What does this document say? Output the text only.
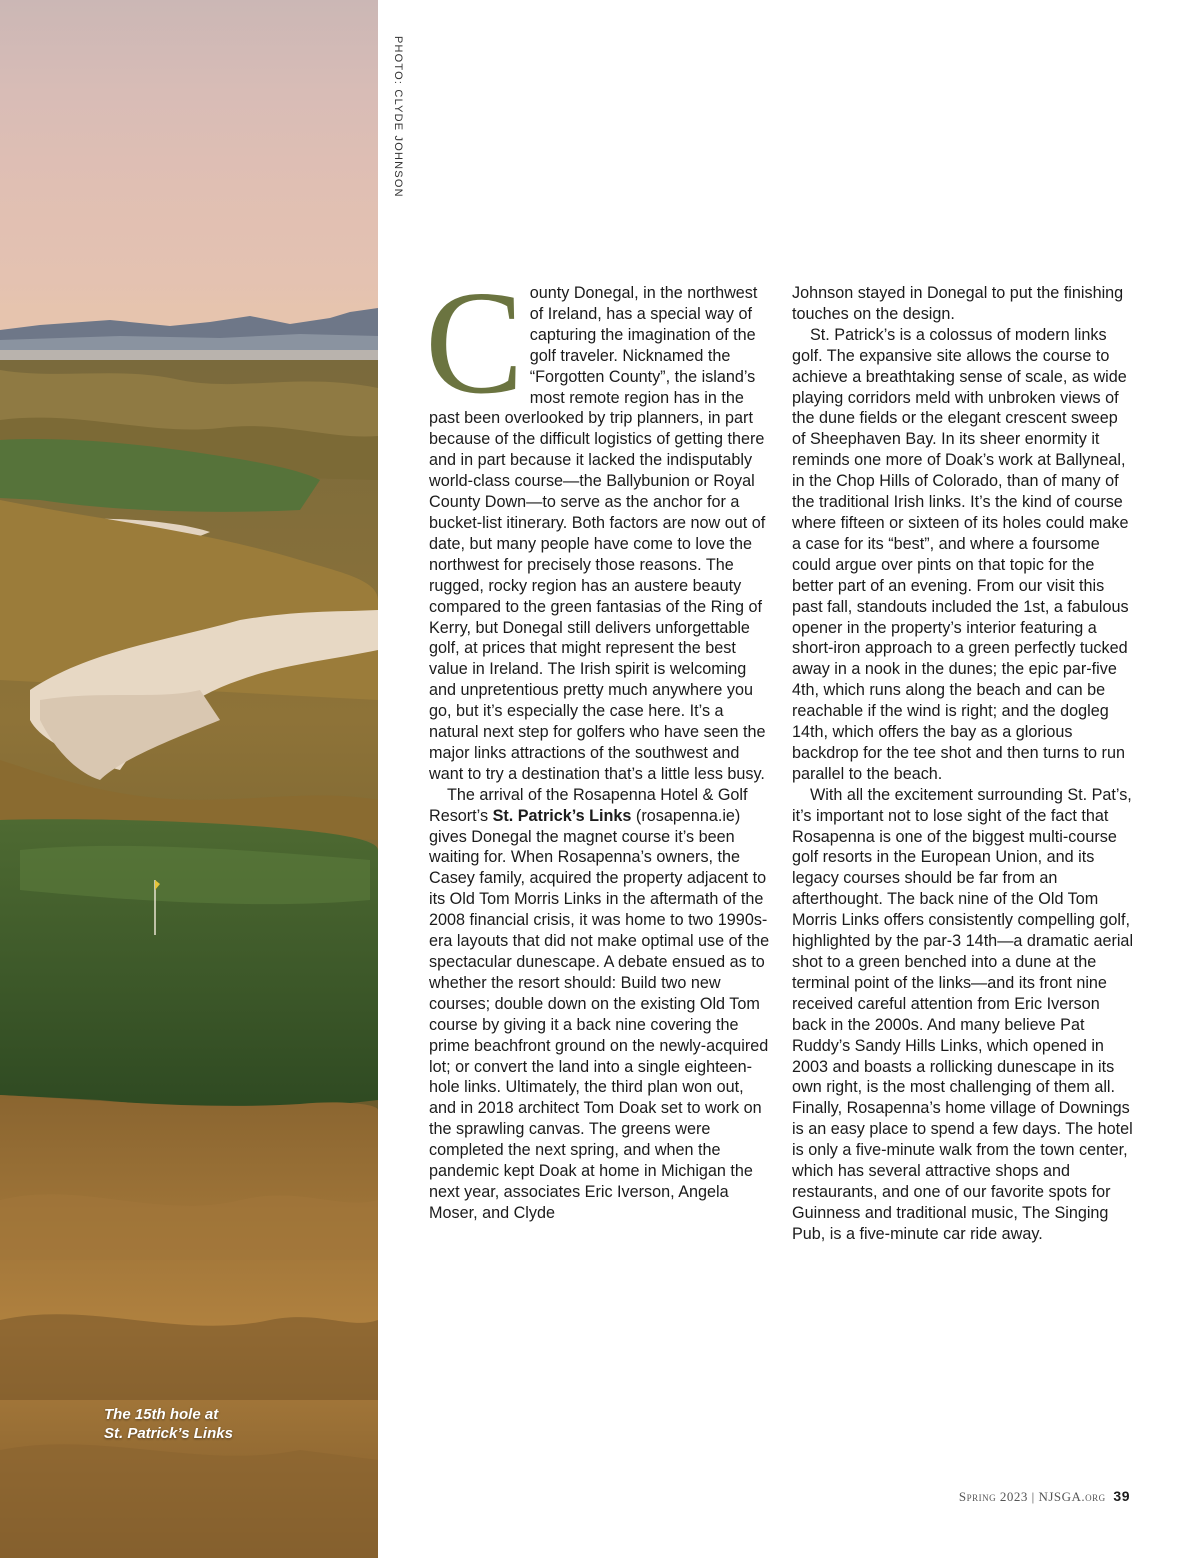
The 15th hole at
St. Patrick’s Links
PHOTO: CLYDE JOHNSON

County Donegal, in the northwest of Ireland, has a special way of capturing the imagination of the golf traveler. Nicknamed the “Forgotten County”, the island’s most remote region has in the past been overlooked by trip planners, in part because of the difficult logistics of getting there and in part because it lacked the indisputably world-class course—the Ballybunion or Royal County Down—to serve as the anchor for a bucket-list itinerary. Both factors are now out of date, but many people have come to love the northwest for precisely those reasons. The rugged, rocky region has an austere beauty compared to the green fantasias of the Ring of Kerry, but Donegal still delivers unforgettable golf, at prices that might represent the best value in Ireland. The Irish spirit is welcoming and unpretentious pretty much anywhere you go, but it’s especially the case here. It’s a natural next step for golfers who have seen the major links attractions of the southwest and want to try a destination that’s a little less busy.

The arrival of the Rosapenna Hotel & Golf Resort’s St. Patrick’s Links (rosapenna.ie) gives Donegal the magnet course it’s been waiting for. When Rosapenna’s owners, the Casey family, acquired the property adjacent to its Old Tom Morris Links in the aftermath of the 2008 financial crisis, it was home to two 1990s-era layouts that did not make optimal use of the spectacular dunescape. A debate ensued as to whether the resort should: Build two new courses; double down on the existing Old Tom course by giving it a back nine covering the prime beachfront ground on the newly-acquired lot; or convert the land into a single eighteen-hole links. Ultimately, the third plan won out, and in 2018 architect Tom Doak set to work on the sprawling canvas. The greens were completed the next spring, and when the pandemic kept Doak at home in Michigan the next year, associates Eric Iverson, Angela Moser, and Clyde

Johnson stayed in Donegal to put the finishing touches on the design.

St. Patrick’s is a colossus of modern links golf. The expansive site allows the course to achieve a breathtaking sense of scale, as wide playing corridors meld with unbroken views of the dune fields or the elegant crescent sweep of Sheephaven Bay. In its sheer enormity it reminds one more of Doak’s work at Ballyneal, in the Chop Hills of Colorado, than of many of the traditional Irish links. It’s the kind of course where fifteen or sixteen of its holes could make a case for its “best”, and where a foursome could argue over pints on that topic for the better part of an evening. From our visit this past fall, standouts included the 1st, a fabulous opener in the property’s interior featuring a short-iron approach to a green perfectly tucked away in a nook in the dunes; the epic par-five 4th, which runs along the beach and can be reachable if the wind is right; and the dogleg 14th, which offers the bay as a glorious backdrop for the tee shot and then turns to run parallel to the beach.

With all the excitement surrounding St. Pat’s, it’s important not to lose sight of the fact that Rosapenna is one of the biggest multi-course golf resorts in the European Union, and its legacy courses should be far from an afterthought. The back nine of the Old Tom Morris Links offers consistently compelling golf, highlighted by the par-3 14th—a dramatic aerial shot to a green benched into a dune at the terminal point of the links—and its front nine received careful attention from Eric Iverson back in the 2000s. And many believe Pat Ruddy’s Sandy Hills Links, which opened in 2003 and boasts a rollicking dunescape in its own right, is the most challenging of them all. Finally, Rosapenna’s home village of Downings is an easy place to spend a few days. The hotel is only a five-minute walk from the town center, which has several attractive shops and restaurants, and one of our favorite spots for Guinness and traditional music, The Singing Pub, is a five-minute car ride away.

Spring 2023 | NJSGA.org 39
